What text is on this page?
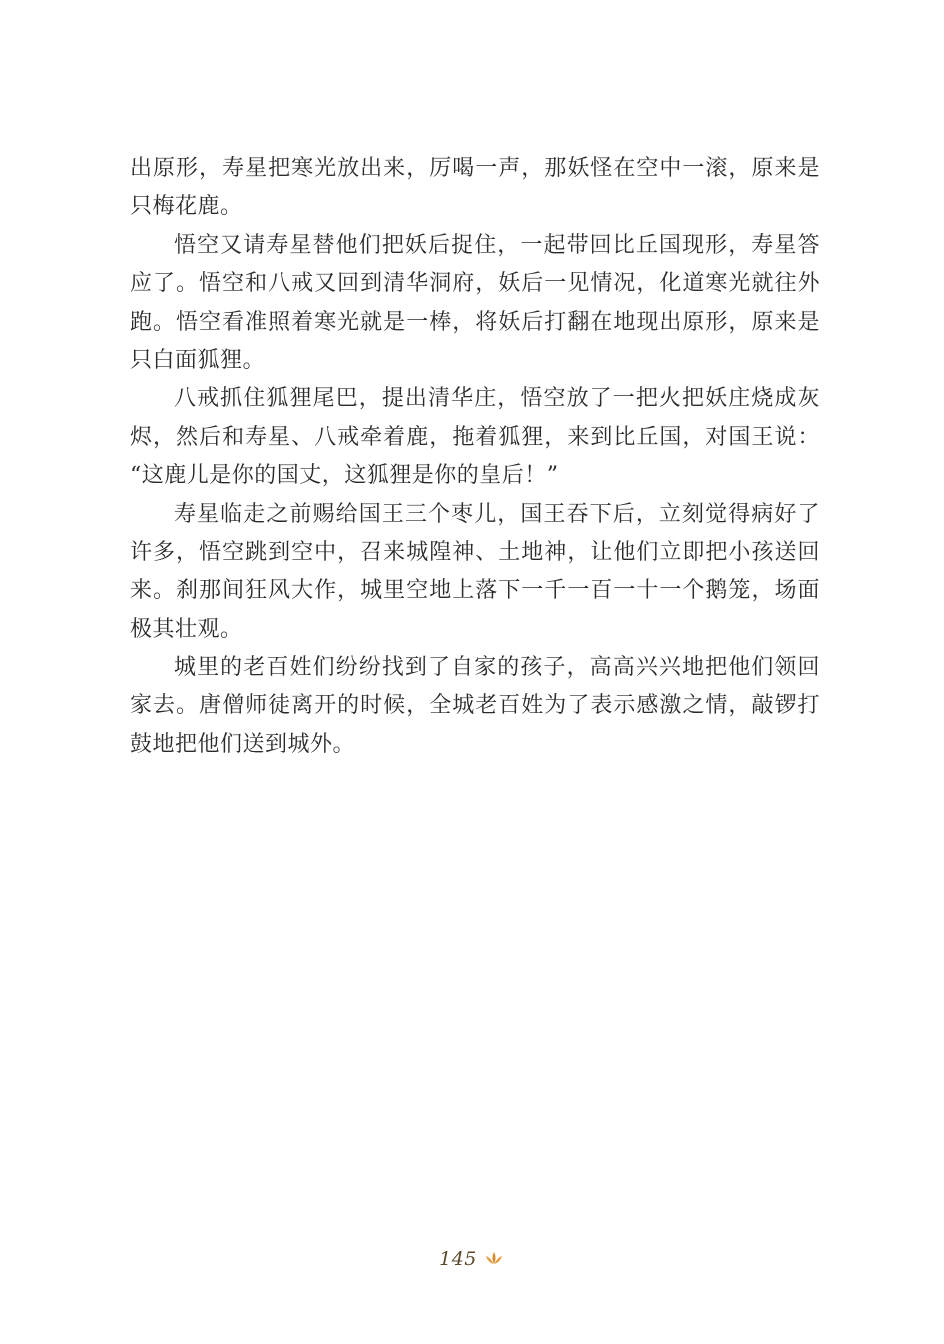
出原形，寿星把寒光放出来，厉喝一声，那妖怪在空中一滚，原来是
只梅花鹿。
悟空又请寿星替他们把妖后捉住，一起带回比丘国现形，寿星答
应了。悟空和八戒又回到清华洞府，妖后一见情况，化道寒光就往外
跑。悟空看准照着寒光就是一棒，将妖后打翻在地现出原形，原来是
只白面狐狸。
八戒抓住狐狸尾巴，提出清华庄，悟空放了一把火把妖庄烧成灰
烬，然后和寿星、八戒牵着鹿，拖着狐狸，来到比丘国，对国王说：
“这鹿儿是你的国丈，这狐狸是你的皇后！”
寿星临走之前赐给国王三个枣儿，国王吞下后，立刻觉得病好了
许多，悟空跳到空中，召来城隍神、土地神，让他们立即把小孩送回
来。刹那间狂风大作，城里空地上落下一千一百一十一个鹅笼，场面
极其壮观。
城里的老百姓们纷纷找到了自家的孩子，高高兴兴地把他们领回
家去。唐僧师徒离开的时候，全城老百姓为了表示感激之情，敲锣打
鼓地把他们送到城外。
145
